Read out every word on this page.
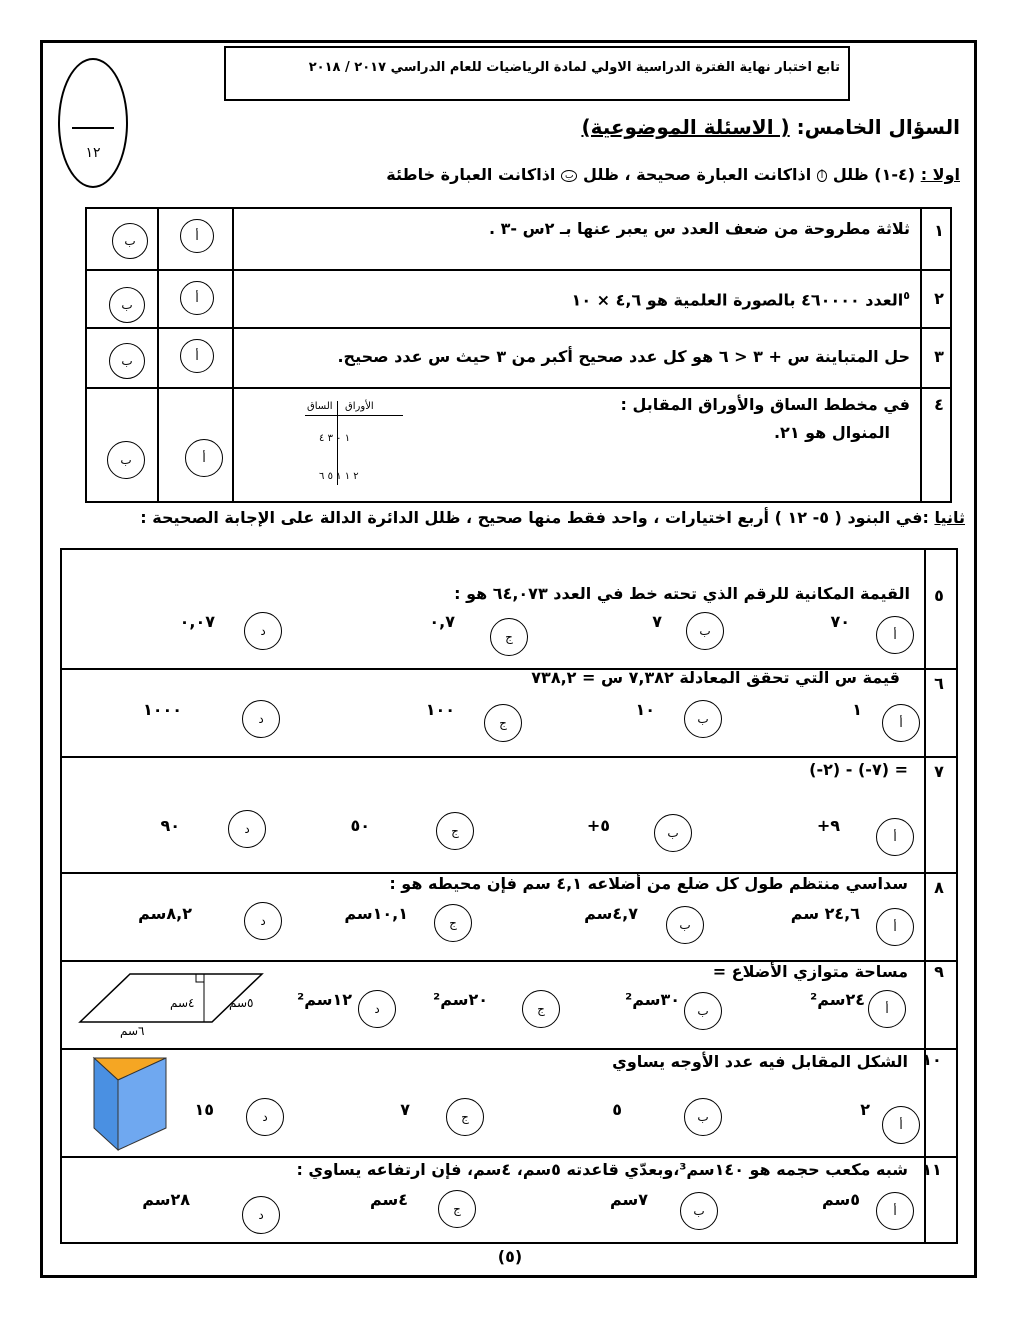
تابع اختبار نهاية الفترة الدراسية الاولي لمادة الرياضيات للعام الدراسي ٢٠١٧ / ٢٠١٨
١٢
السؤال الخامس: ( الاسئلة الموضوعية)
اولا : (٤-١) ظلل أ اذاكانت العبارة صحيحة ، ظلل ب اذاكانت العبارة خاطئة
١
ثلاثة مطروحة من ضعف العدد س يعبر عنها بـ ٢س -٣ .
أ
ب
٢
$^٥$العدد ٤٦٠٠٠٠ بالصورة العلمية هو ٤,٦ × ١٠
أ
ب
٣
حل المتباينة س + ٣ < ٦ هو كل عدد صحيح أكبر من ٣ حيث س عدد صحيح.
أ
ب
٤
في مخطط الساق والأوراق المقابل :
المنوال هو ٢١.
أ
ب
الأوراق
الساق
١ ٠ ٣ ٤
٢ ١ ١ ٥ ٦
ثانيا :في البنود ( ٥- ١٢ ) أربع اختيارات ، واحد فقط منها صحيح ، ظلل الدائرة الدالة على الإجابة الصحيحة :
٥
القيمة المكانية للرقم الذي تحته خط في العدد ٦٤,٠٧٣ هو :
أ
٧٠
ب
٧
ج
٠,٧
د
٠,٠٧
٦
قيمة س التي تحقق المعادلة ٧,٣٨٢ س = ٧٣٨,٢
أ
١
ب
١٠
ج
١٠٠
د
١٠٠٠
٧
(-٢) - (-٧) =
أ
+٩
ب
+٥
ج
٥٠
د
٩٠
٨
سداسي منتظم طول كل ضلع من أضلاعه ٤,١ سم فإن محيطه هو :
أ
٢٤,٦ سم
ب
٤,٧سم
ج
١٠,١سم
د
٨,٢سم
٩
مساحة متوازي الأضلاع =
أ
٢٤سم²
ب
٣٠سم²
ج
٢٠سم²
د
١٢سم²
٥سم
٤سم
٦سم
١٠
الشكل المقابل فيه عدد الأوجه يساوي
أ
٢
ب
٥
ج
٧
د
١٥
١١
شبه مكعب حجمه هو ١٤٠سم³،وبعدّي قاعدته ٥سم، ٤سم، فإن ارتفاعه يساوي :
أ
٥سم
ب
٧سم
ج
٤سم
د
٢٨سم
(٥)
